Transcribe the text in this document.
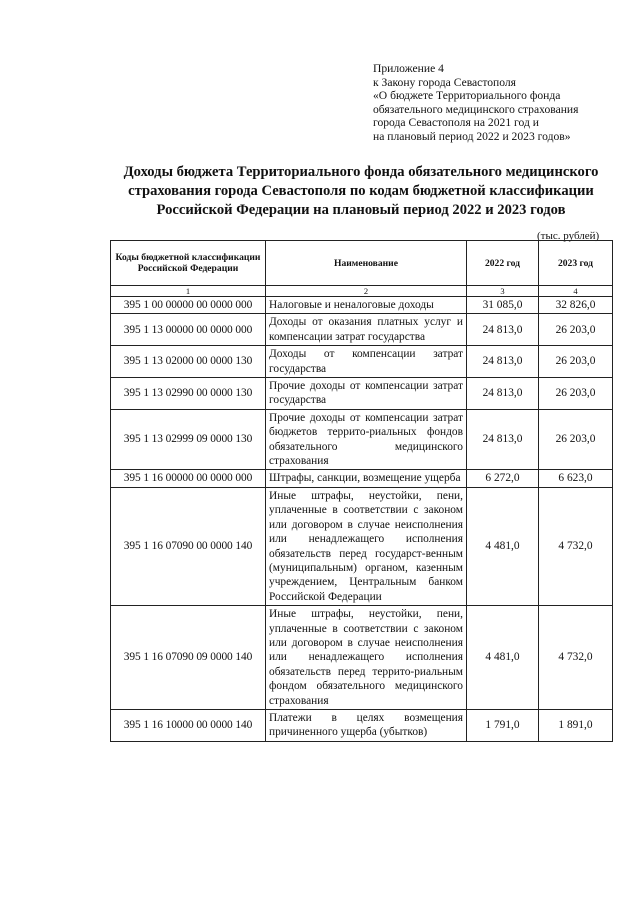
Приложение 4
к Закону города Севастополя
«О бюджете Территориального фонда
обязательного медицинского страхования
города Севастополя на 2021 год и
на плановый период 2022 и 2023 годов»
Доходы бюджета Территориального фонда обязательного медицинского
страхования города Севастополя по кодам бюджетной классификации
Российской Федерации на плановый период 2022 и 2023 годов
(тыс. рублей)
Коды бюджетной классификации Российской Федерации	Наименование	2022 год	2023 год
1	2	3	4
395 1 00 00000 00 0000 000	Налоговые и неналоговые доходы	31 085,0	32 826,0
395 1 13 00000 00 0000 000	Доходы от оказания платных услуг и компенсации затрат государства	24 813,0	26 203,0
395 1 13 02000 00 0000 130	Доходы от компенсации затрат государства	24 813,0	26 203,0
395 1 13 02990 00 0000 130	Прочие доходы от компенсации затрат государства	24 813,0	26 203,0
395 1 13 02999 09 0000 130	Прочие доходы от компенсации затрат бюджетов террито-риальных фондов обязательного медицинского страхования	24 813,0	26 203,0
395 1 16 00000 00 0000 000	Штрафы, санкции, возмещение ущерба	6 272,0	6 623,0
395 1 16 07090 00 0000 140	Иные штрафы, неустойки, пени, уплаченные в соответствии с законом или договором в случае неисполнения или ненадлежащего исполнения обязательств перед государст-венным (муниципальным) органом, казенным учреждением, Центральным банком Российской Федерации	4 481,0	4 732,0
395 1 16 07090 09 0000 140	Иные штрафы, неустойки, пени, уплаченные в соответствии с законом или договором в случае неисполнения или ненадлежащего исполнения обязательств перед террито-риальным фондом обязательного медицинского страхования	4 481,0	4 732,0
395 1 16 10000 00 0000 140	Платежи в целях возмещения причиненного ущерба (убытков)	1 791,0	1 891,0
